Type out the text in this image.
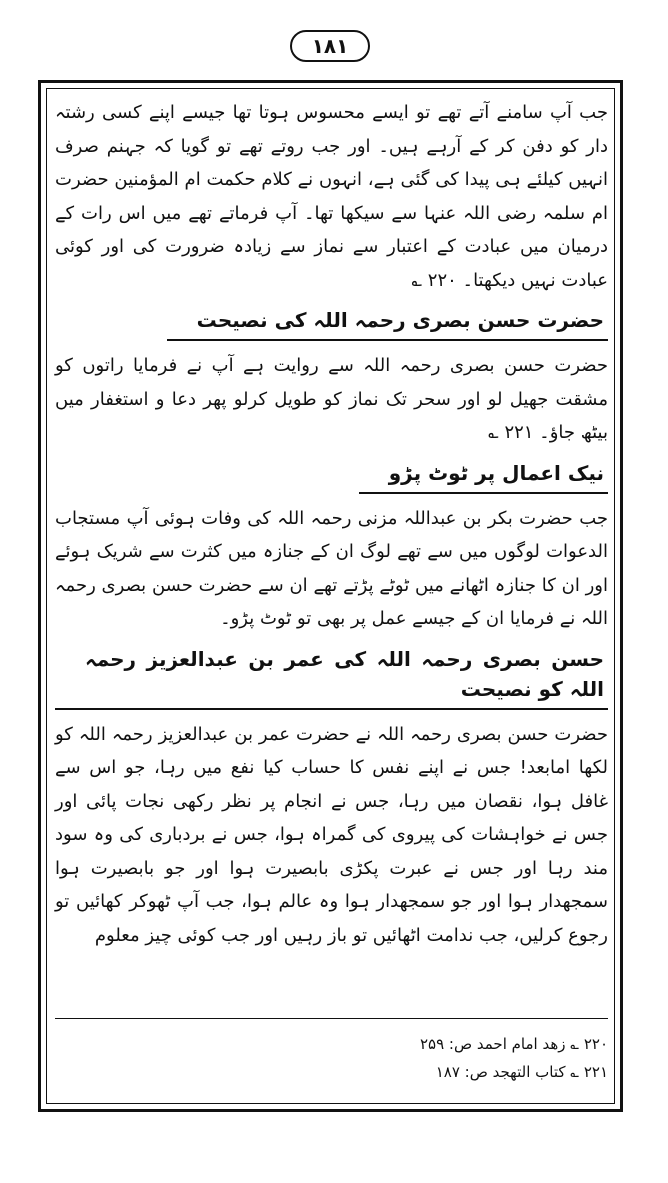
۱۸۱

جب آپ سامنے آتے تھے تو ایسے محسوس ہوتا تھا جیسے اپنے کسی رشتہ دار کو دفن کر کے آرہے ہیں۔ اور جب روتے تھے تو گویا کہ جہنم صرف انہیں کیلئے ہی پیدا کی گئی ہے، انہوں نے کلام حکمت ام المؤمنین حضرت ام سلمہ رضی اللہ عنہا سے سیکھا تھا۔ آپ فرماتے تھے میں اس رات کے درمیان میں عبادت کے اعتبار سے نماز سے زیادہ ضرورت کی اور کوئی عبادت نہیں دیکھتا۔ ۲۲۰ ؎

حضرت حسن بصری رحمہ اللہ کی نصیحت

حضرت حسن بصری رحمہ اللہ سے روایت ہے آپ نے فرمایا راتوں کو مشقت جھیل لو اور سحر تک نماز کو طویل کرلو پھر دعا و استغفار میں بیٹھ جاؤ۔ ۲۲۱ ؎

نیک اعمال پر ٹوٹ پڑو

جب حضرت بکر بن عبداللہ مزنی رحمہ اللہ کی وفات ہوئی آپ مستجاب الدعوات لوگوں میں سے تھے لوگ ان کے جنازہ میں کثرت سے شریک ہوئے اور ان کا جنازہ اٹھانے میں ٹوٹے پڑتے تھے ان سے حضرت حسن بصری رحمہ اللہ نے فرمایا ان کے جیسے عمل پر بھی تو ٹوٹ پڑو۔

حسن بصری رحمہ اللہ کی عمر بن عبدالعزیز رحمہ اللہ کو نصیحت

حضرت حسن بصری رحمہ اللہ نے حضرت عمر بن عبدالعزیز رحمہ اللہ کو لکھا امابعد! جس نے اپنے نفس کا حساب کیا نفع میں رہا، جو اس سے غافل ہوا، نقصان میں رہا، جس نے انجام پر نظر رکھی نجات پائی اور جس نے خواہشات کی پیروی کی گمراہ ہوا، جس نے بردباری کی وہ سود مند رہا اور جس نے عبرت پکڑی بابصیرت ہوا اور جو بابصیرت ہوا سمجھدار ہوا اور جو سمجھدار ہوا وہ عالم ہوا، جب آپ ٹھوکر کھائیں تو رجوع کرلیں، جب ندامت اٹھائیں تو باز رہیں اور جب کوئی چیز معلوم

۲۲۰ ؎ زهد امام احمد ص: ۲۵۹
۲۲۱ ؎ کتاب التهجد ص: ۱۸۷
